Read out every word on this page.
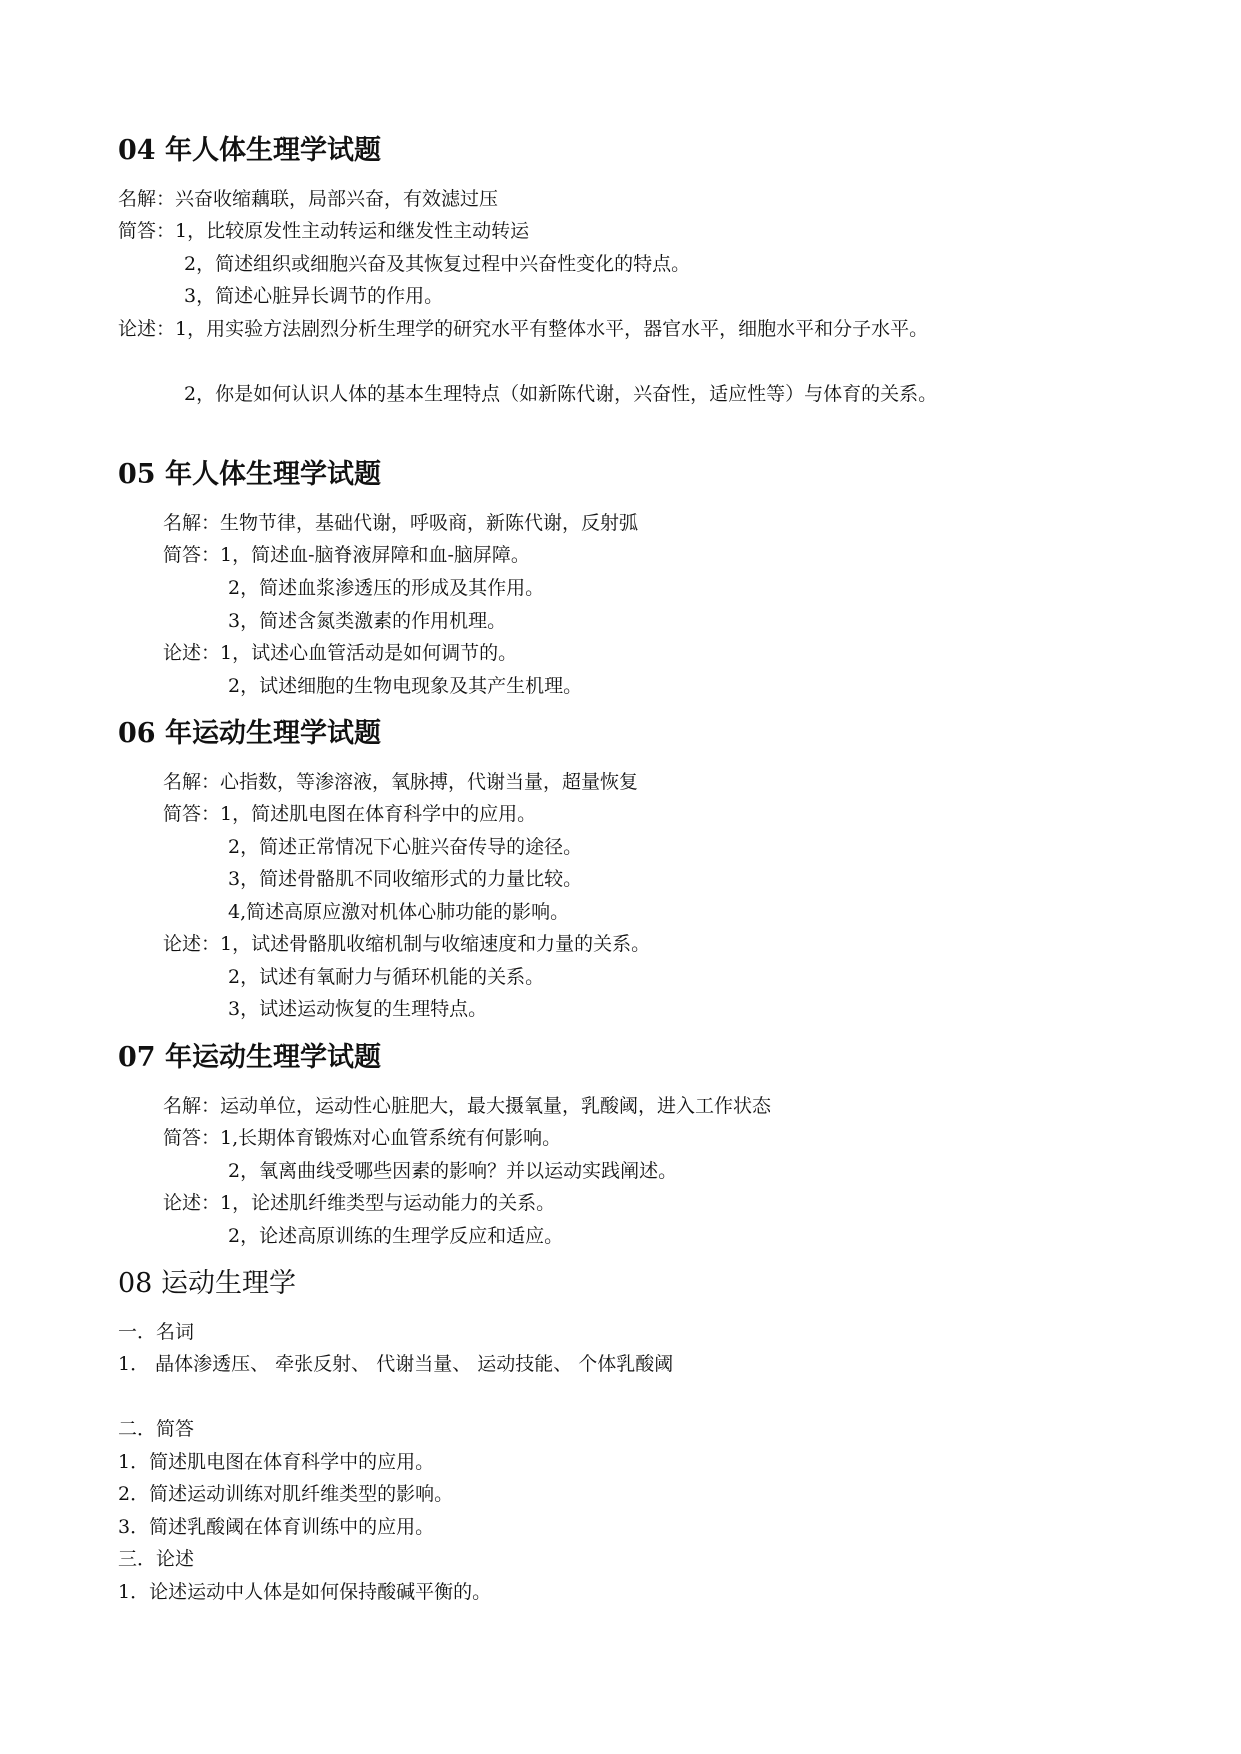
04 年人体生理学试题

名解：兴奋收缩藕联，局部兴奋，有效滤过压

简答：1，比较原发性主动转运和继发性主动转运

2，简述组织或细胞兴奋及其恢复过程中兴奋性变化的特点。

3，简述心脏异长调节的作用。

论述：1，用实验方法剧烈分析生理学的研究水平有整体水平，器官水平，细胞水平和分子水平。

2，你是如何认识人体的基本生理特点（如新陈代谢，兴奋性，适应性等）与体育的关系。

05 年人体生理学试题

名解：生物节律，基础代谢，呼吸商，新陈代谢，反射弧

简答：1，简述血-脑脊液屏障和血-脑屏障。

2，简述血浆渗透压的形成及其作用。

3，简述含氮类激素的作用机理。

论述：1，试述心血管活动是如何调节的。

2，试述细胞的生物电现象及其产生机理。

06 年运动生理学试题

名解：心指数，等渗溶液，氧脉搏，代谢当量，超量恢复

简答：1，简述肌电图在体育科学中的应用。

2，简述正常情况下心脏兴奋传导的途径。

3，简述骨骼肌不同收缩形式的力量比较。

4,简述高原应激对机体心肺功能的影响。

论述：1，试述骨骼肌收缩机制与收缩速度和力量的关系。

2，试述有氧耐力与循环机能的关系。

3，试述运动恢复的生理特点。

07 年运动生理学试题

名解：运动单位，运动性心脏肥大，最大摄氧量，乳酸阈，进入工作状态

简答：1,长期体育锻炼对心血管系统有何影响。

2，氧离曲线受哪些因素的影响？并以运动实践阐述。

论述：1，论述肌纤维类型与运动能力的关系。

2，论述高原训练的生理学反应和适应。

08 运动生理学

一．名词

1． 晶体渗透压、 牵张反射、 代谢当量、 运动技能、 个体乳酸阈

二．简答

1．简述肌电图在体育科学中的应用。

2．简述运动训练对肌纤维类型的影响。

3．简述乳酸阈在体育训练中的应用。

三．论述

1．论述运动中人体是如何保持酸碱平衡的。
